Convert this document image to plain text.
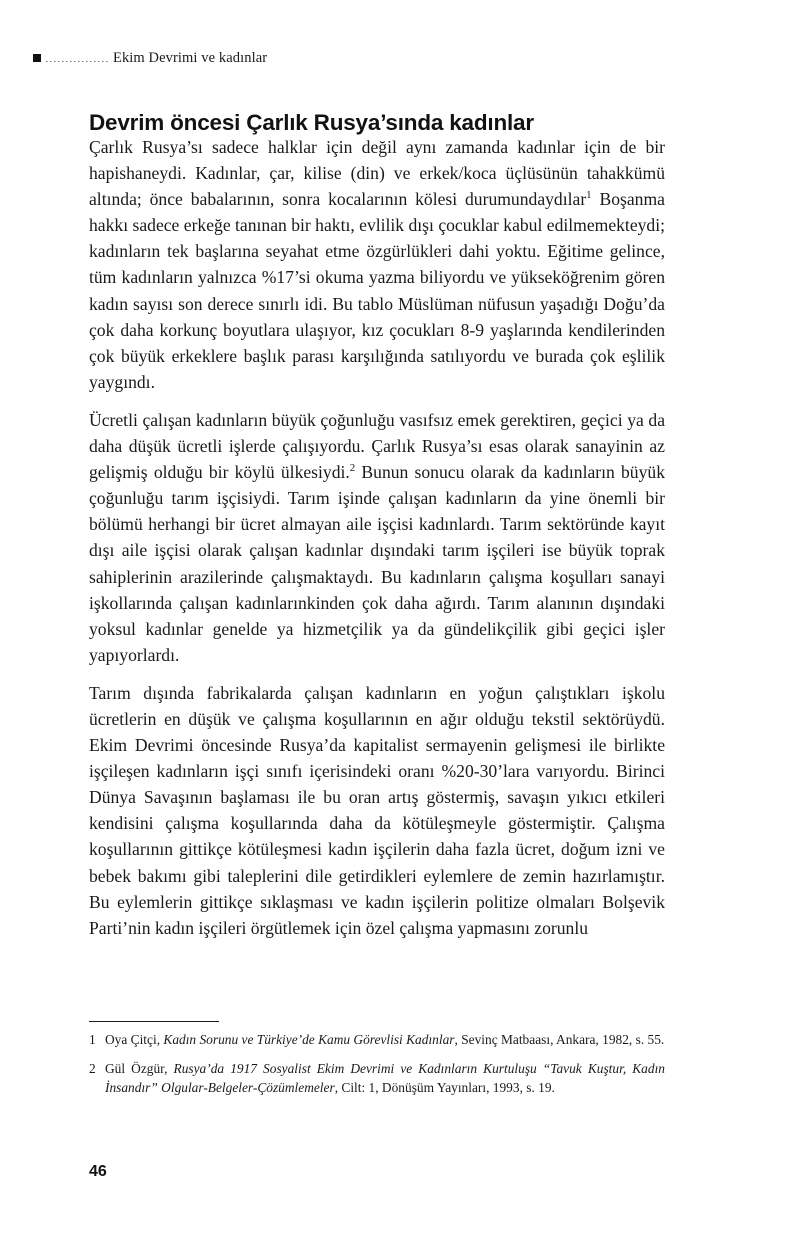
Ekim Devrimi ve kadınlar
Devrim öncesi Çarlık Rusya’sında kadınlar

Çarlık Rusya’sı sadece halklar için değil aynı zamanda kadınlar için de bir hapishaneydi. Kadınlar, çar, kilise (din) ve erkek/koca üçlüsünün tahakkümü altında; önce babalarının, sonra kocalarının kölesi durumundaydılar$^1$ Boşanma hakkı sadece erkeğe tanınan bir haktı, evlilik dışı çocuklar kabul edilmemekteydi; kadınların tek başlarına seyahat etme özgürlükleri dahi yoktu. Eğitime gelince, tüm kadınların yalnızca %17’si okuma yazma biliyordu ve yükseköğrenim gören kadın sayısı son derece sınırlı idi. Bu tablo Müslüman nüfusun yaşadığı Doğu’da çok daha korkunç boyutlara ulaşıyor, kız çocukları 8-9 yaşlarında kendilerinden çok büyük erkeklere başlık parası karşılığında satılıyordu ve burada çok eşlilik yaygındı.

Ücretli çalışan kadınların büyük çoğunluğu vasıfsız emek gerektiren, geçici ya da daha düşük ücretli işlerde çalışıyordu. Çarlık Rusya’sı esas olarak sanayinin az gelişmiş olduğu bir köylü ülkesiydi.$^2$ Bunun sonucu olarak da kadınların büyük çoğunluğu tarım işçisiydi. Tarım işinde çalışan kadınların da yine önemli bir bölümü herhangi bir ücret almayan aile işçisi kadınlardı. Tarım sektöründe kayıt dışı aile işçisi olarak çalışan kadınlar dışındaki tarım işçileri ise büyük toprak sahiplerinin arazilerinde çalışmaktaydı. Bu kadınların çalışma koşulları sanayi işkollarında çalışan kadınlarınkinden çok daha ağırdı. Tarım alanının dışındaki yoksul kadınlar genelde ya hizmetçilik ya da gündelikçilik gibi geçici işler yapıyorlardı.

Tarım dışında fabrikalarda çalışan kadınların en yoğun çalıştıkları işkolu ücretlerin en düşük ve çalışma koşullarının en ağır olduğu tekstil sektörüydü. Ekim Devrimi öncesinde Rusya’da kapitalist sermayenin gelişmesi ile birlikte işçileşen kadınların işçi sınıfı içerisindeki oranı %20-30’lara varıyordu. Birinci Dünya Savaşının başlaması ile bu oran artış göstermiş, savaşın yıkıcı etkileri kendisini çalışma koşullarında daha da kötüleşmeyle göstermiştir. Çalışma koşullarının gittikçe kötüleşmesi kadın işçilerin daha fazla ücret, doğum izni ve bebek bakımı gibi taleplerini dile getirdikleri eylemlere de zemin hazırlamıştır. Bu eylemlerin gittikçe sıklaşması ve kadın işçilerin politize olmaları Bolşevik Parti’nin kadın işçileri örgütlemek için özel çalışma yapmasını zorunlu

1 Oya Çitçi, Kadın Sorunu ve Türkiye’de Kamu Görevlisi Kadınlar, Sevinç Matbaası, Ankara, 1982, s. 55.
2 Gül Özgür, Rusya’da 1917 Sosyalist Ekim Devrimi ve Kadınların Kurtuluşu “Tavuk Kuştur, Kadın İnsandır” Olgular-Belgeler-Çözümlemeler, Cilt: 1, Dönüşüm Yayınları, 1993, s. 19.
46
